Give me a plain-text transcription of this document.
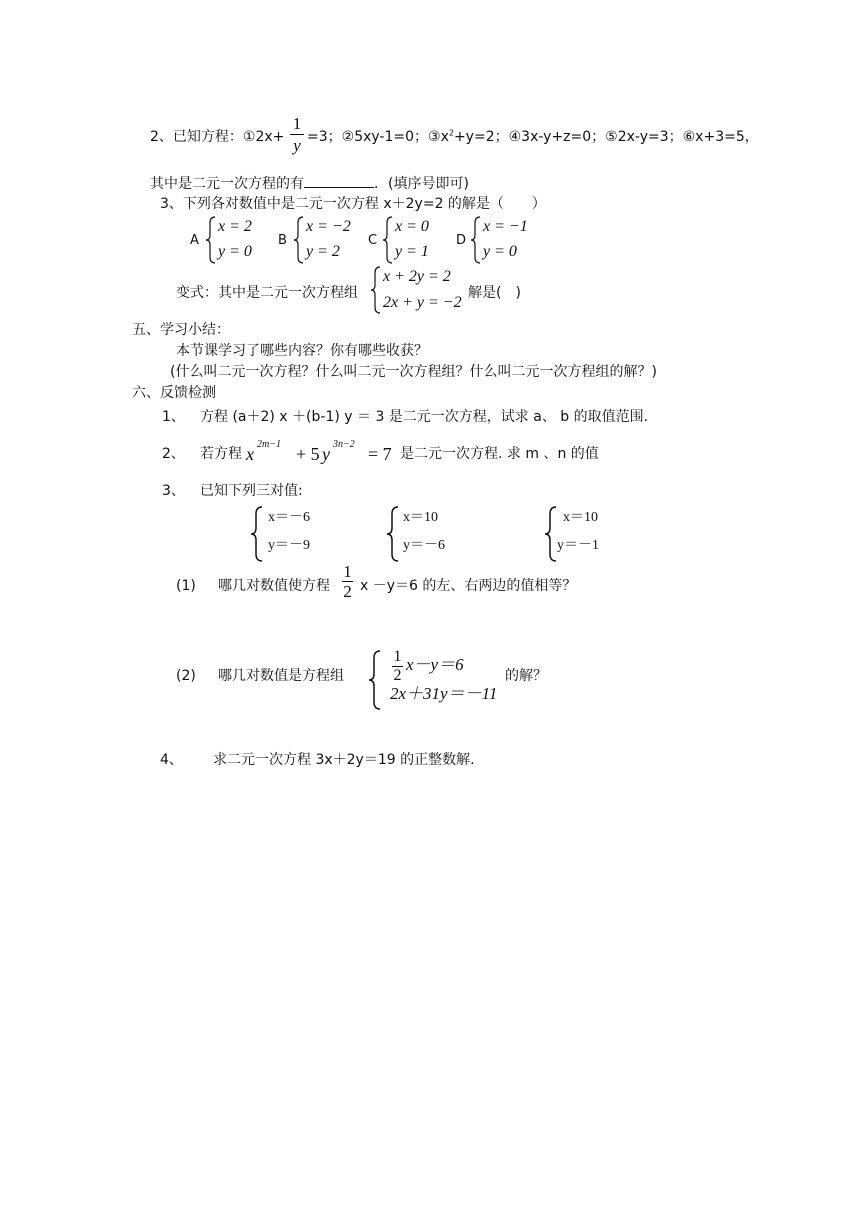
2、已知方程：①2x+ $\frac{1}{y} =3$；②5xy-1=0；$③x^2+y=2$；④3x-y+z=0；⑤2x-y=3；⑥x+3=5，
其中是二元一次方程的有	．(填序号即可)
3、下列各对数值中是二元一次方程 x＋2y=2 的解是（　　）
A
x = 2
y = 0
B
x = −2
y = 2
C
x = 0
y = 1
D
x = −1
y = 0
变式：其中是二元一次方程组
x + 2y = 2
2x + y = −2
解是(　)
五、学习小结：
本节课学习了哪些内容？你有哪些收获？
(什么叫二元一次方程？什么叫二元一次方程组？什么叫二元一次方程组的解？)
六、反馈检测
1、 方程 (a＋2) x ＋(b-1) y ＝ 3 是二元一次方程，试求 a、 b 的取值范围.
2、 若方程 x 2m−1 + 5 y 3n−2 = 7 是二元一次方程. 求 m 、n 的值
3、 已知下列三对值:
x＝－6
y＝－9
x＝10
y＝－6
x＝10
y＝－1
(1) 哪几对数值使方程 $\frac{1}{2}$ x －y＝6 的左、右两边的值相等？
(2) 哪几对数值是方程组	$\frac{1}{2} x-y=6$
2x＋31y＝－11
的解？
4、 求二元一次方程 3x＋2y＝19 的正整数解.
